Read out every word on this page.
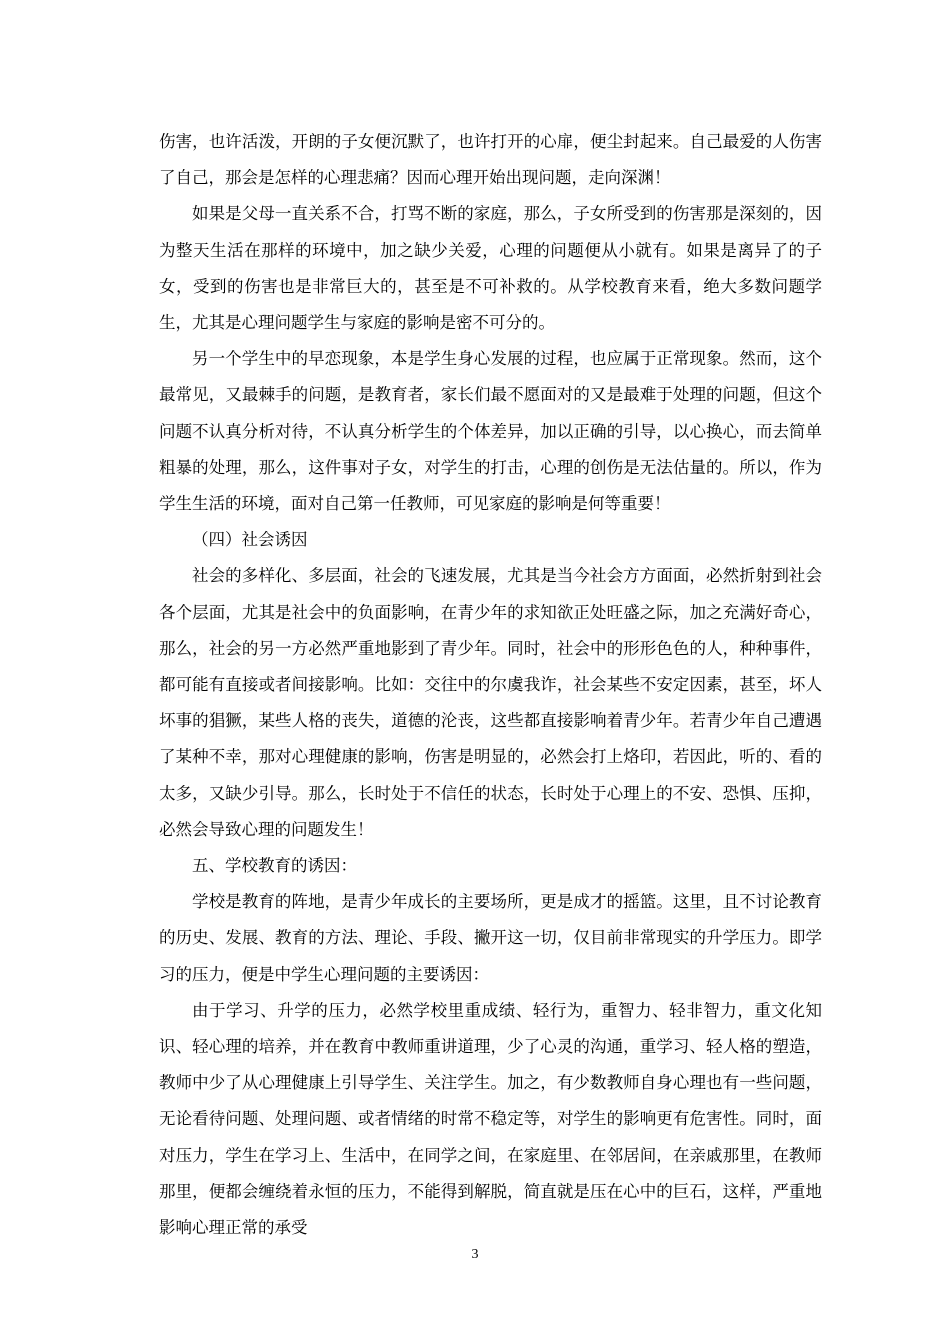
伤害，也许活泼，开朗的子女便沉默了，也许打开的心扉，便尘封起来。自己最爱的人伤害了自己，那会是怎样的心理悲痛？因而心理开始出现问题，走向深渊！

如果是父母一直关系不合，打骂不断的家庭，那么，子女所受到的伤害那是深刻的，因为整天生活在那样的环境中，加之缺少关爱，心理的问题便从小就有。如果是离异了的子女，受到的伤害也是非常巨大的，甚至是不可补救的。从学校教育来看，绝大多数问题学生，尤其是心理问题学生与家庭的影响是密不可分的。

另一个学生中的早恋现象，本是学生身心发展的过程，也应属于正常现象。然而，这个最常见，又最棘手的问题，是教育者，家长们最不愿面对的又是最难于处理的问题，但这个问题不认真分析对待，不认真分析学生的个体差异，加以正确的引导，以心换心，而去简单粗暴的处理，那么，这件事对子女，对学生的打击，心理的创伤是无法估量的。所以，作为学生生活的环境，面对自己第一任教师，可见家庭的影响是何等重要！

（四）社会诱因

社会的多样化、多层面，社会的飞速发展，尤其是当今社会方方面面，必然折射到社会各个层面，尤其是社会中的负面影响，在青少年的求知欲正处旺盛之际，加之充满好奇心，那么，社会的另一方必然严重地影到了青少年。同时，社会中的形形色色的人，种种事件，都可能有直接或者间接影响。比如：交往中的尔虞我诈，社会某些不安定因素，甚至，坏人坏事的猖獗，某些人格的丧失，道德的沦丧，这些都直接影响着青少年。若青少年自己遭遇了某种不幸，那对心理健康的影响，伤害是明显的，必然会打上烙印，若因此，听的、看的太多，又缺少引导。那么，长时处于不信任的状态，长时处于心理上的不安、恐惧、压抑，必然会导致心理的问题发生！

五、学校教育的诱因：

学校是教育的阵地，是青少年成长的主要场所，更是成才的摇篮。这里，且不讨论教育的历史、发展、教育的方法、理论、手段、撇开这一切，仅目前非常现实的升学压力。即学习的压力，便是中学生心理问题的主要诱因：

由于学习、升学的压力，必然学校里重成绩、轻行为，重智力、轻非智力，重文化知识、轻心理的培养，并在教育中教师重讲道理，少了心灵的沟通，重学习、轻人格的塑造，教师中少了从心理健康上引导学生、关注学生。加之，有少数教师自身心理也有一些问题，无论看待问题、处理问题、或者情绪的时常不稳定等，对学生的影响更有危害性。同时，面对压力，学生在学习上、生活中，在同学之间，在家庭里、在邻居间，在亲戚那里，在教师那里，便都会缠绕着永恒的压力，不能得到解脱，简直就是压在心中的巨石，这样，严重地影响心理正常的承受

3
